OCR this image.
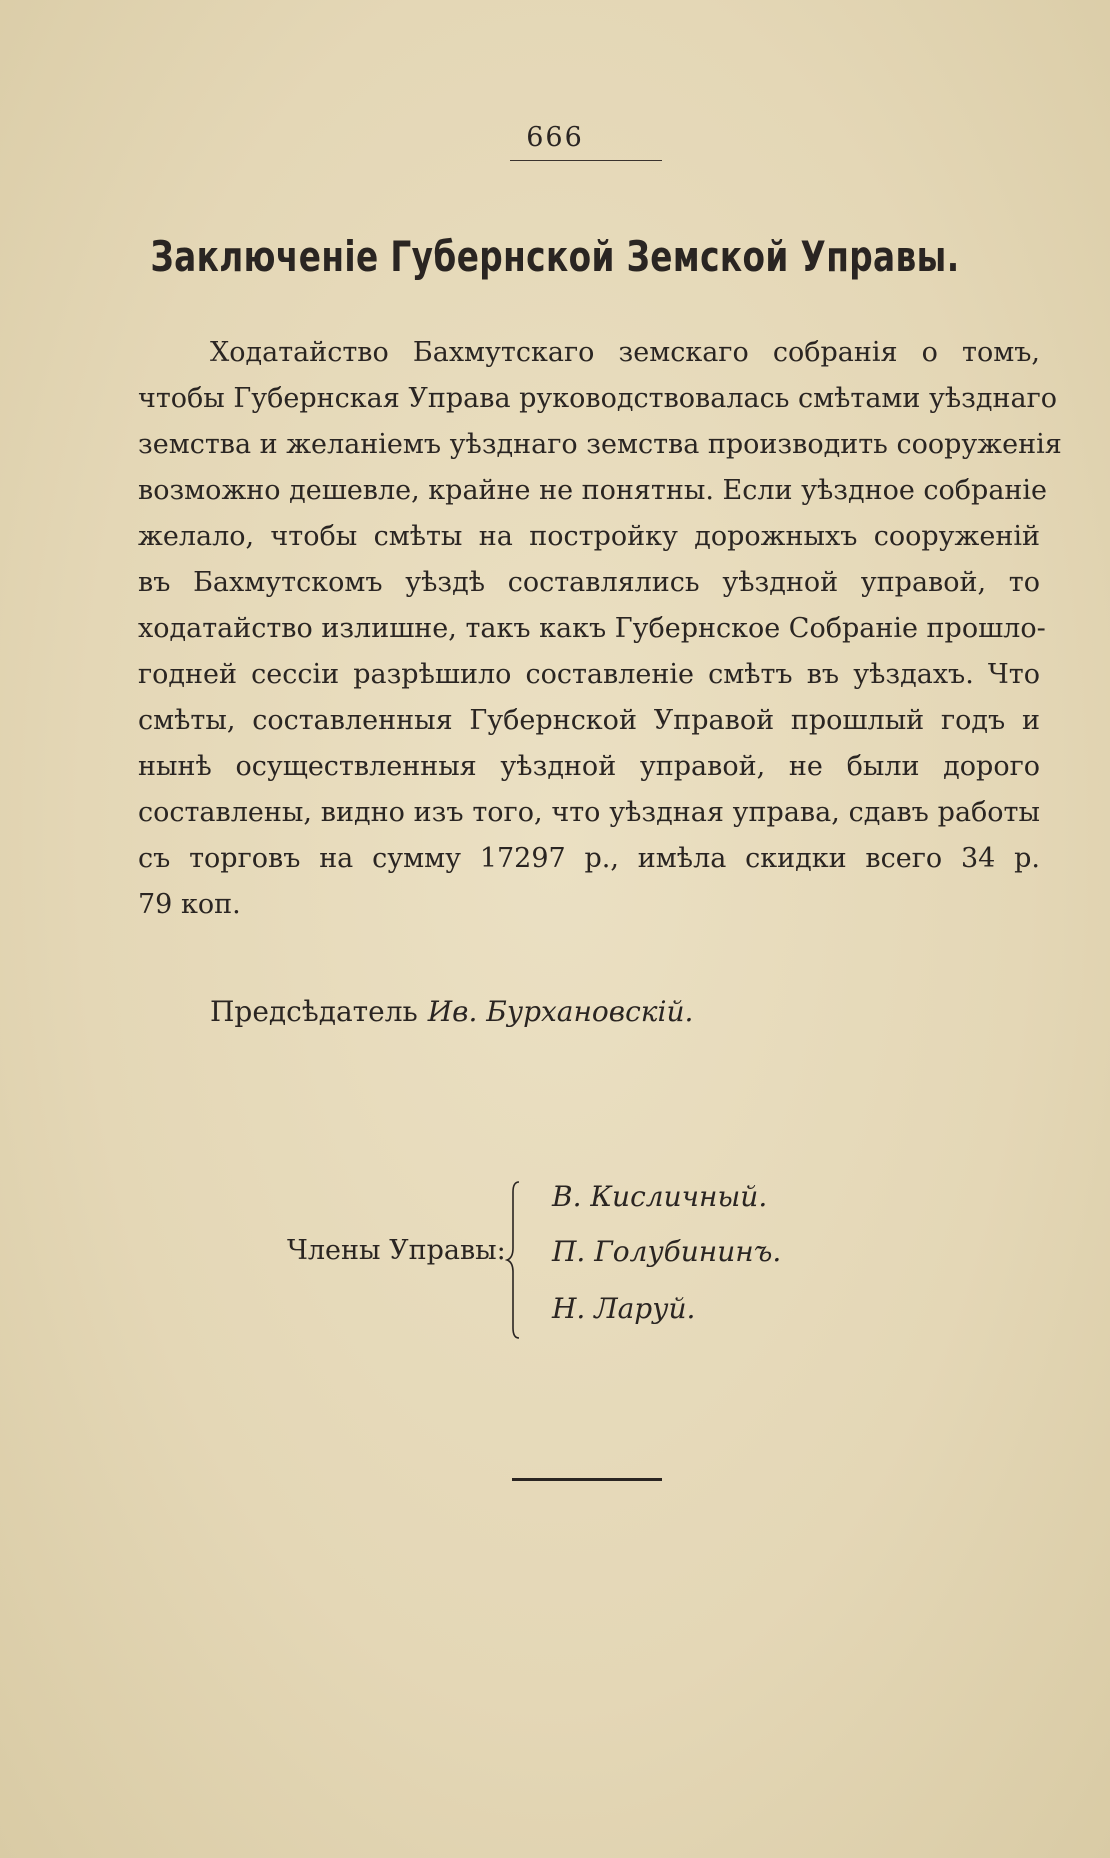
666
Заключеніе Губернской Земской Управы.
Ходатайство Бахмутскаго земскаго собранія о томъ,
чтобы Губернская Управа руководствовалась смѣтами уѣзднаго
земства и желаніемъ уѣзднаго земства производить сооруженія
возможно дешевле, крайне не понятны. Если уѣздное собраніе
желало, чтобы смѣты на постройку дорожныхъ сооруженій
въ Бахмутскомъ уѣздѣ составлялись уѣздной управой, то
ходатайство излишне, такъ какъ Губернское Собраніе прошло-
годней сессіи разрѣшило составленіе смѣтъ въ уѣздахъ. Что
смѣты, составленныя Губернской Управой прошлый годъ и
нынѣ осуществленныя уѣздной управой, не были дорого
составлены, видно изъ того, что уѣздная управа, сдавъ работы
съ торговъ на сумму 17297 р., имѣла скидки всего 34 р.
79 коп.
Предсѣдатель Ив. Бурхановскій.
Члены Управы:
В. Кисличный.
П. Голубининъ.
Н. Ларуй.
